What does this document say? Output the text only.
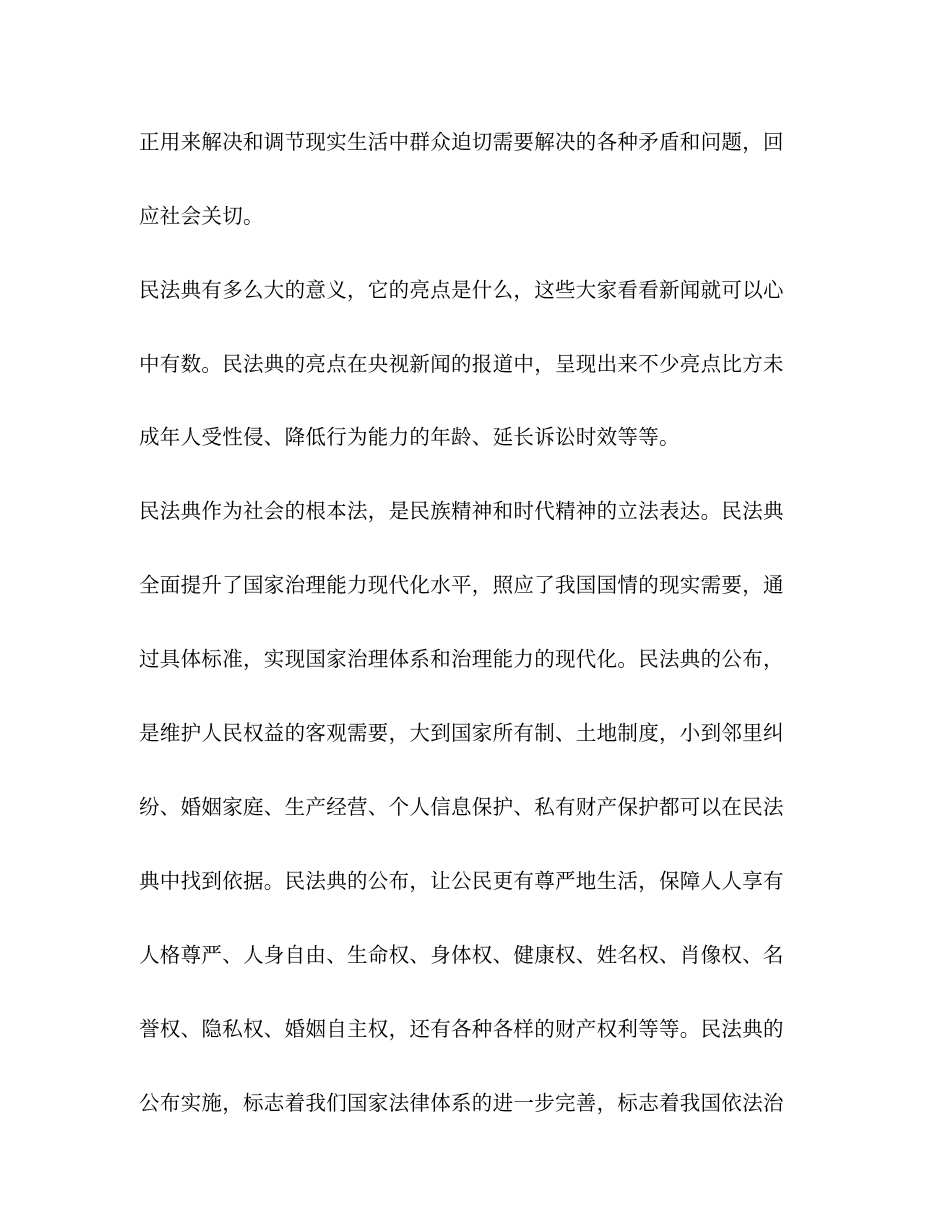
正用来解决和调节现实生活中群众迫切需要解决的各种矛盾和问题，回
应社会关切。
民法典有多么大的意义，它的亮点是什么，这些大家看看新闻就可以心
中有数。民法典的亮点在央视新闻的报道中，呈现出来不少亮点比方未
成年人受性侵、降低行为能力的年龄、延长诉讼时效等等。
民法典作为社会的根本法，是民族精神和时代精神的立法表达。民法典
全面提升了国家治理能力现代化水平，照应了我国国情的现实需要，通
过具体标准，实现国家治理体系和治理能力的现代化。民法典的公布，
是维护人民权益的客观需要，大到国家所有制、土地制度，小到邻里纠
纷、婚姻家庭、生产经营、个人信息保护、私有财产保护都可以在民法
典中找到依据。民法典的公布，让公民更有尊严地生活，保障人人享有
人格尊严、人身自由、生命权、身体权、健康权、姓名权、肖像权、名
誉权、隐私权、婚姻自主权，还有各种各样的财产权利等等。民法典的
公布实施，标志着我们国家法律体系的进一步完善，标志着我国依法治
